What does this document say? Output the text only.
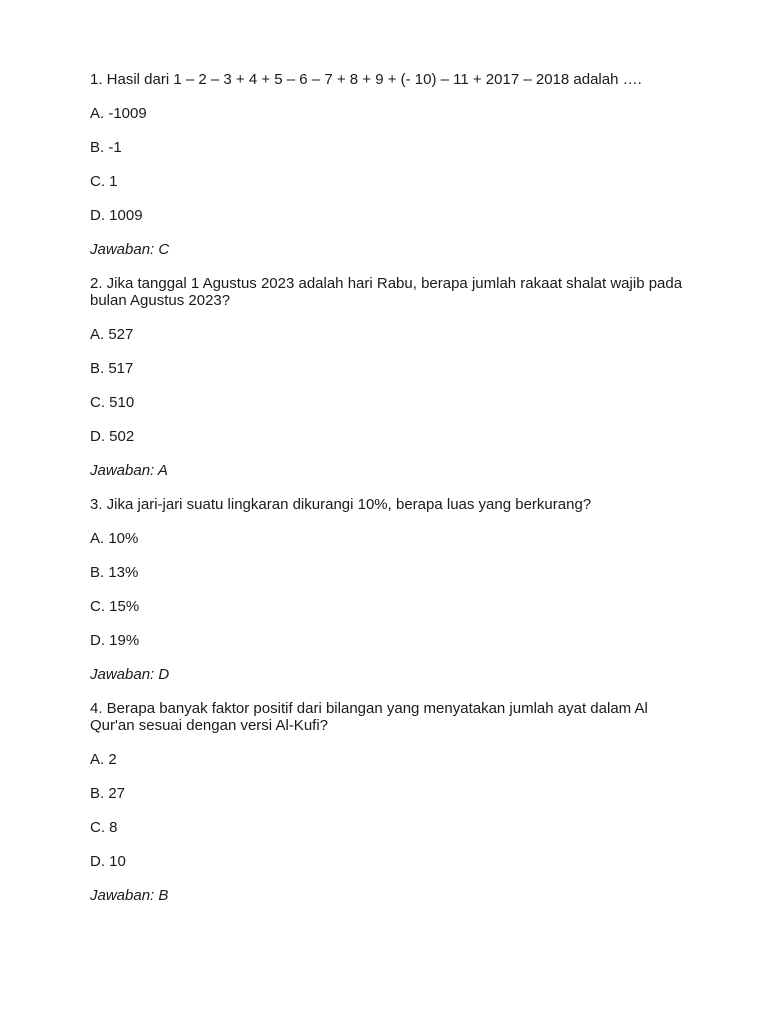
1. Hasil dari 1 – 2 – 3 + 4 + 5 – 6 – 7 + 8 + 9 + (- 10) – 11 + 2017 – 2018 adalah ….

A. -1009

B. -1

C. 1

D. 1009

Jawaban: C

2. Jika tanggal 1 Agustus 2023 adalah hari Rabu, berapa jumlah rakaat shalat wajib pada bulan Agustus 2023?

A. 527

B. 517

C. 510

D. 502

Jawaban: A

3. Jika jari-jari suatu lingkaran dikurangi 10%, berapa luas yang berkurang?

A. 10%

B. 13%

C. 15%

D. 19%

Jawaban: D

4. Berapa banyak faktor positif dari bilangan yang menyatakan jumlah ayat dalam Al Qur'an sesuai dengan versi Al-Kufi?

A. 2

B. 27

C. 8

D. 10

Jawaban: B
